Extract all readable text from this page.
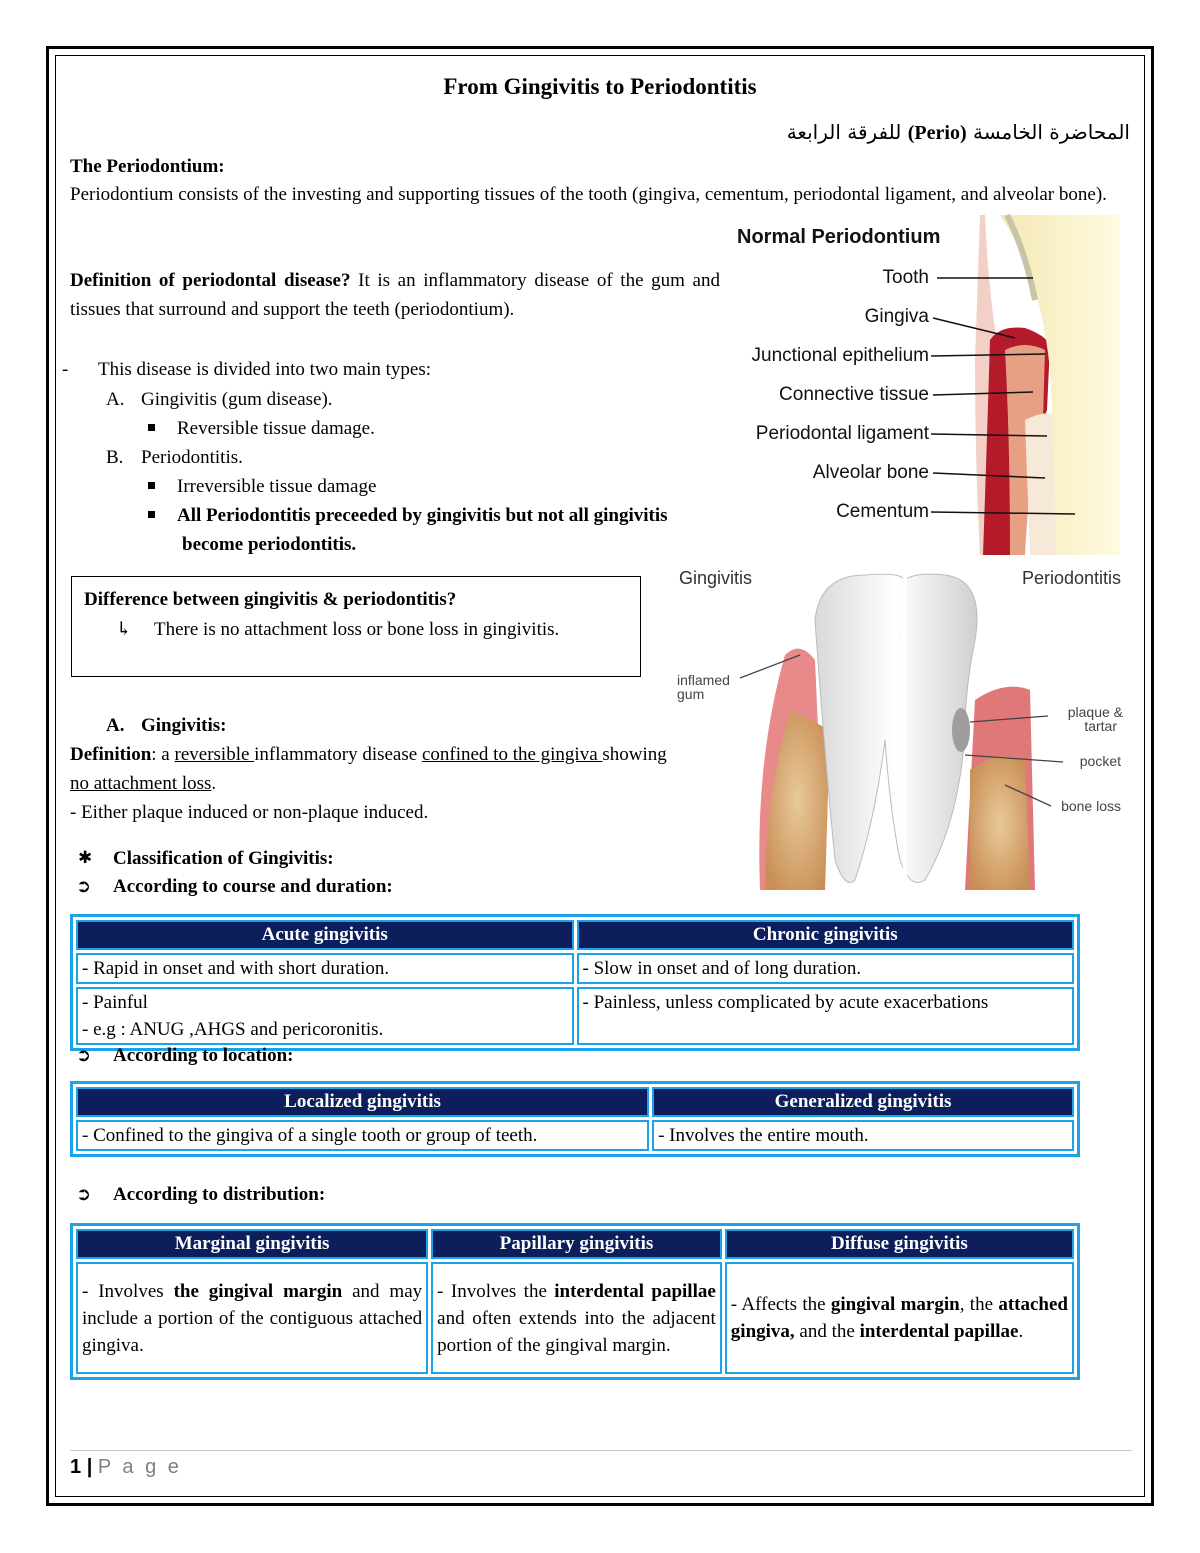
From Gingivitis to Periodontitis
المحاضرة الخامسة (Perio) للفرقة الرابعة
The Periodontium:
Periodontium consists of the investing and supporting tissues of the tooth (gingiva, cementum, periodontal ligament, and alveolar bone).
Definition of periodontal disease? It is an inflammatory disease of the gum and tissues that surround and support the teeth (periodontium).
- This disease is divided into two main types:
A. Gingivitis (gum disease).
Reversible tissue damage.
B. Periodontitis.
Irreversible tissue damage
All Periodontitis preceeded by gingivitis but not all gingivitis become periodontitis.
Difference between gingivitis & periodontitis?
↳ There is no attachment loss or bone loss in gingivitis.
A. Gingivitis:
Definition: a reversible inflammatory disease confined to the gingiva showing no attachment loss.
- Either plaque induced or non-plaque induced.
✱ Classification of Gingivitis:
➲ According to course and duration:
Acute gingivitis	Chronic gingivitis
- Rapid in onset and with short duration.	- Slow in onset and of long duration.

- Painful
- e.g : ANUG ,AHGS and pericoronitis.	- Painless, unless complicated by acute exacerbations
➲ According to location:
Localized gingivitis	Generalized gingivitis
- Confined to the gingiva of a single tooth or group of teeth.	- Involves the entire mouth.
➲ According to distribution:
Marginal gingivitis	Papillary gingivitis	Diffuse gingivitis
- Involves the gingival margin and may include a portion of the contiguous attached gingiva.	- Involves the interdental papillae and often extends into the adjacent portion of the gingival margin.	- Affects the gingival margin, the attached gingiva, and the interdental papillae.
Normal Periodontium
Tooth
Gingiva
Junctional epithelium
Connective tissue
Periodontal ligament
Alveolar bone
Cementum
Gingivitis	Periodontitis
inflamed
gum
plaque &
tartar
pocket
bone loss
1 | P a g e
